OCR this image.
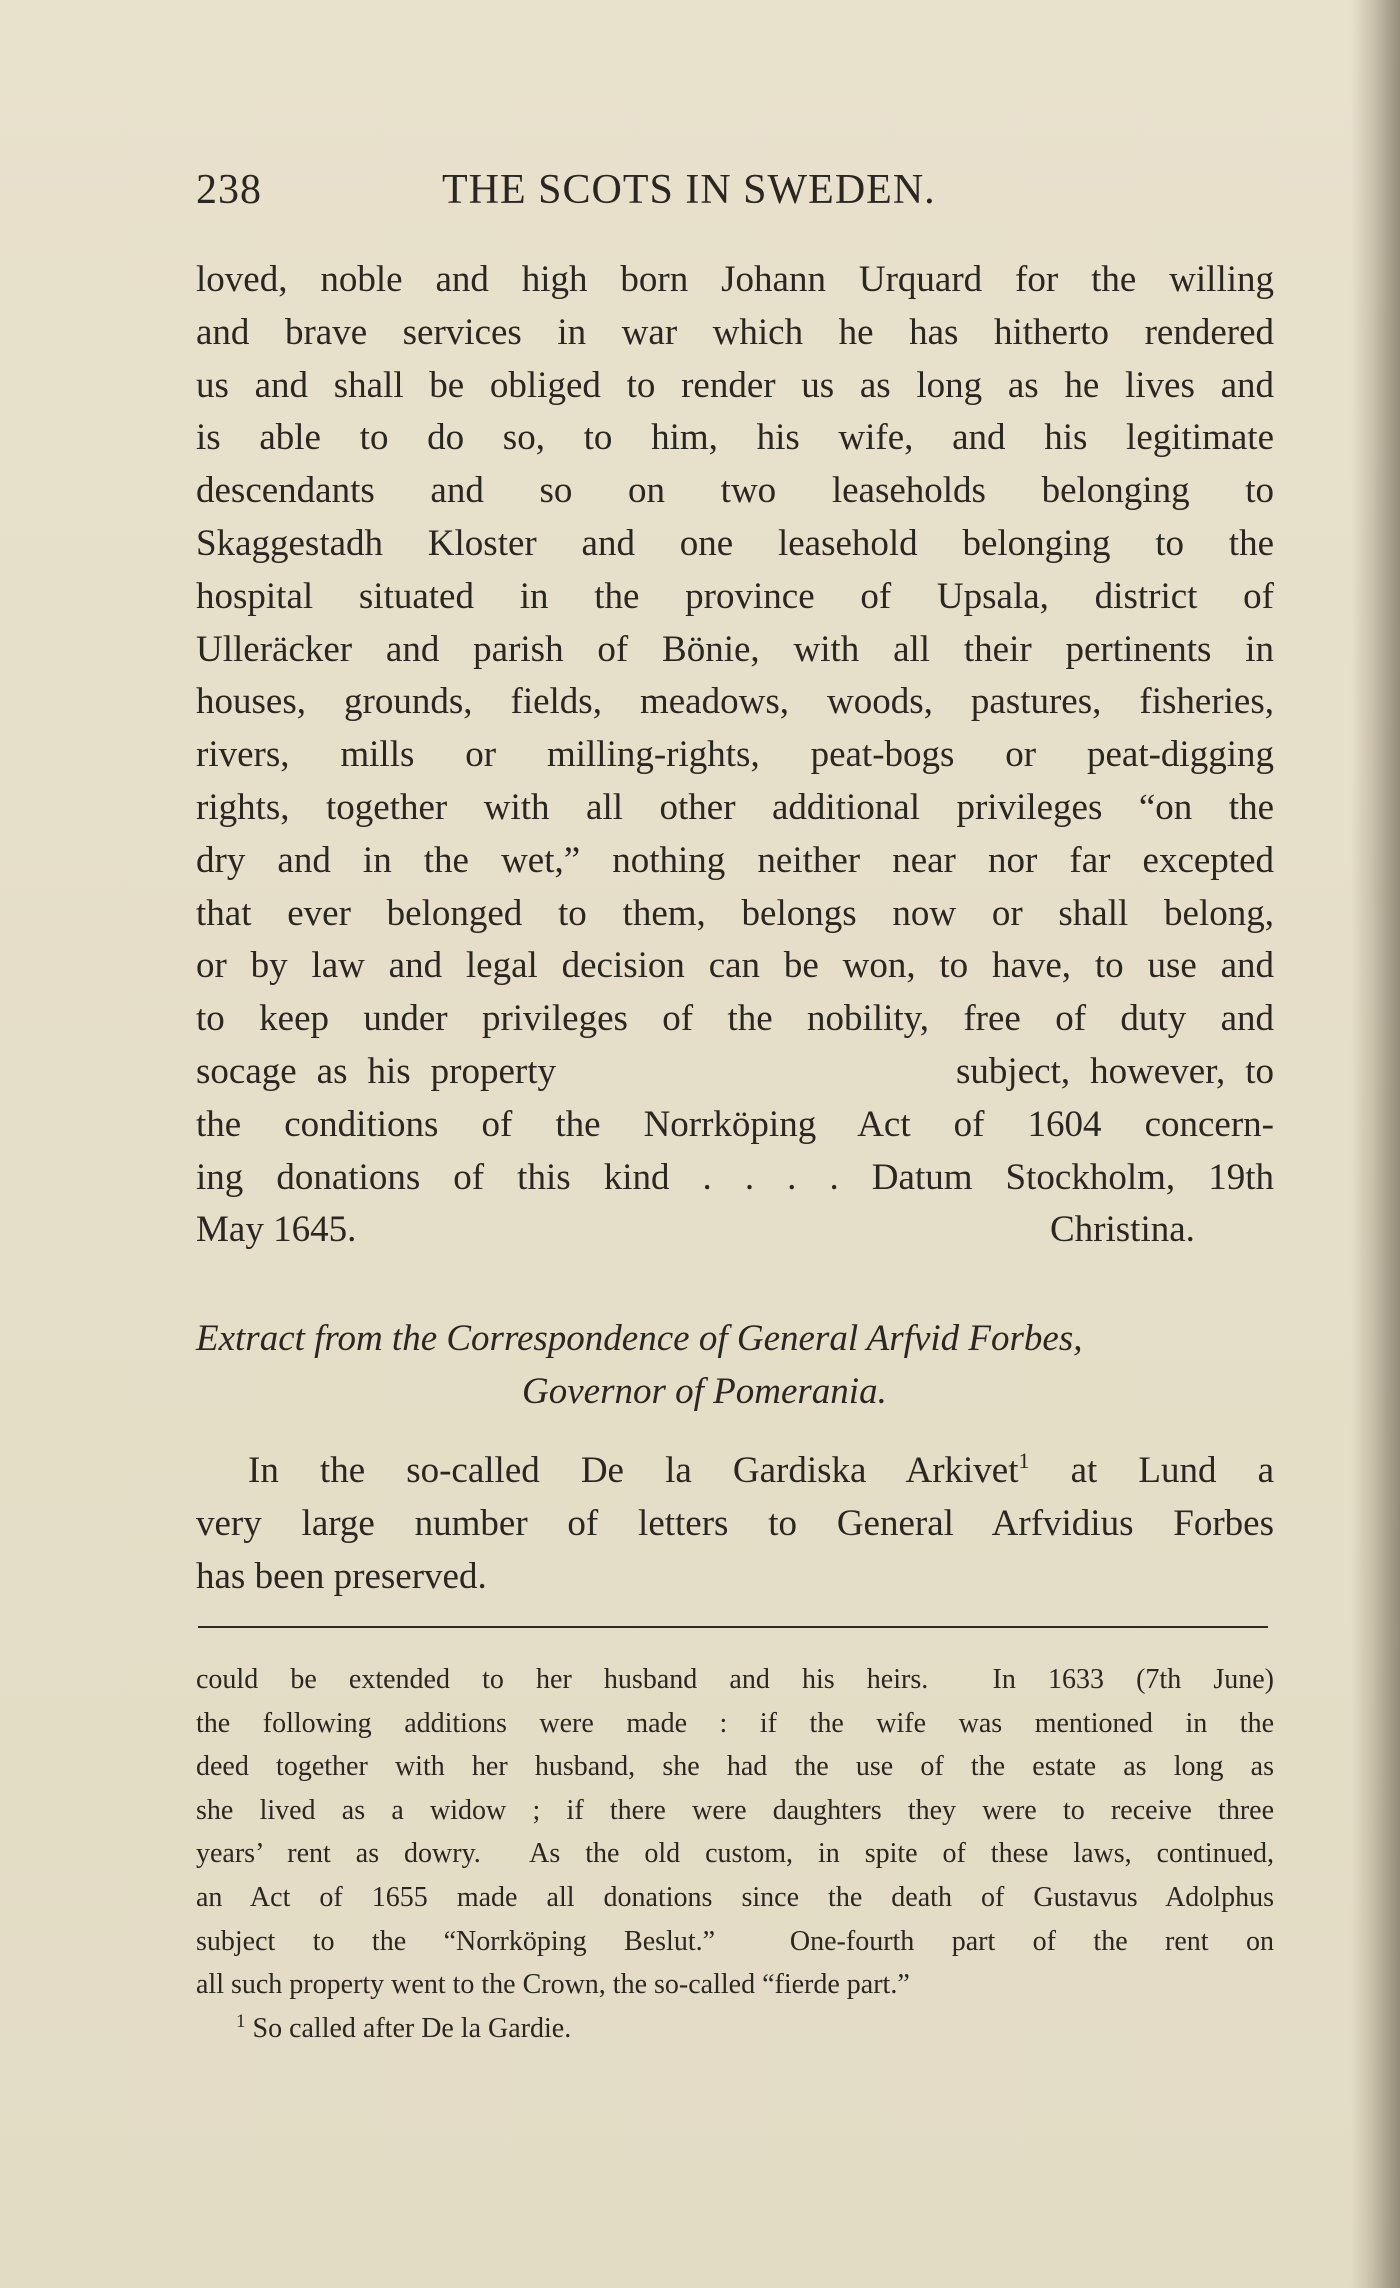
238	THE SCOTS IN SWEDEN.
loved, noble and high born Johann Urquard for the willing
and brave services in war which he has hitherto rendered
us and shall be obliged to render us as long as he lives and
is able to do so, to him, his wife, and his legitimate
descendants and so on two leaseholds belonging to
Skaggestadh Kloster and one leasehold belonging to the
hospital situated in the province of Upsala, district of
Ulleräcker and parish of Bönie, with all their pertinents in
houses, grounds, fields, meadows, woods, pastures, fisheries,
rivers, mills or milling-rights, peat-bogs or peat-digging
rights, together with all other additional privileges “on the
dry and in the wet,” nothing neither near nor far excepted
that ever belonged to them, belongs now or shall belong,
or by law and legal decision can be won, to have, to use and
to keep under privileges of the nobility, free of duty and
socage as his property                    subject, however, to
the conditions of the Norrköping Act of 1604 concern-
ing donations of this kind . . . . Datum Stockholm, 19th
May 1645.	Christina.
Extract from the Correspondence of General Arfvid Forbes,
Governor of Pomerania.
In the so-called De la Gardiska Arkivet$^1$ at Lund a
very large number of letters to General Arfvidius Forbes
has been preserved.
could be extended to her husband and his heirs.  In 1633 (7th June)
the following additions were made : if the wife was mentioned in the
deed together with her husband, she had the use of the estate as long as
she lived as a widow ; if there were daughters they were to receive three
years’ rent as dowry.  As the old custom, in spite of these laws, continued,
an Act of 1655 made all donations since the death of Gustavus Adolphus
subject to the “Norrköping Beslut.”  One-fourth part of the rent on
all such property went to the Crown, the so-called “fierde part.”
$^1$ So called after De la Gardie.
